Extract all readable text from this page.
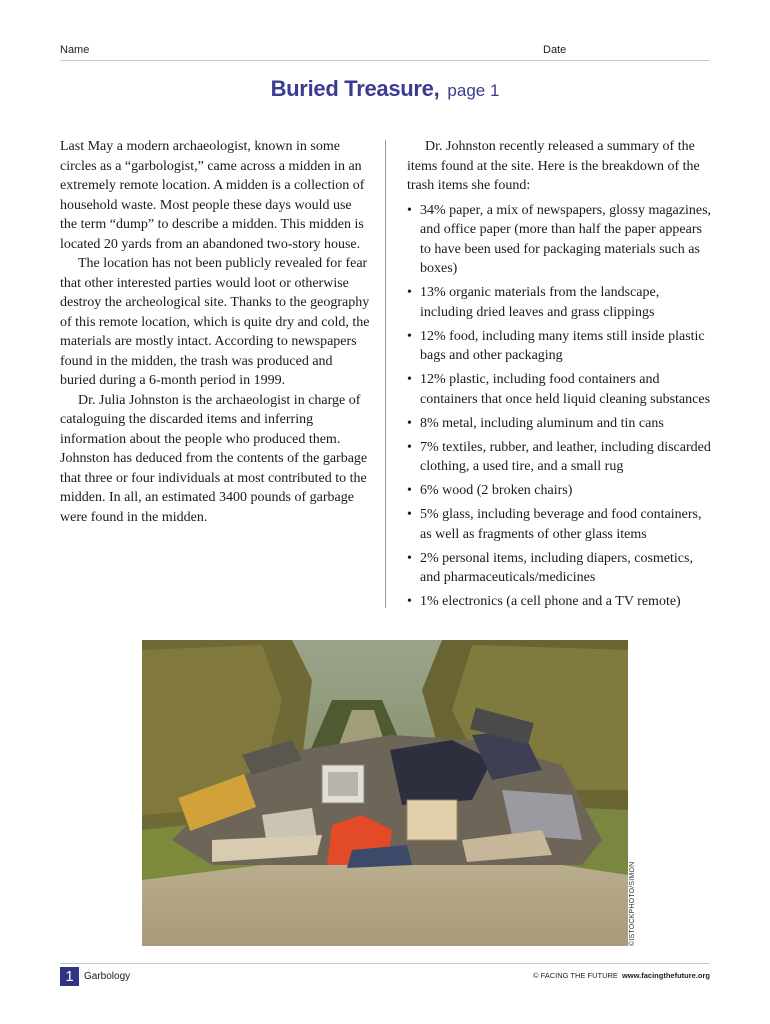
Name	Date
Buried Treasure, page 1

Last May a modern archaeologist, known in some circles as a “garbologist,” came across a midden in an extremely remote location. A midden is a collection of household waste. Most people these days would use the term “dump” to describe a midden. This midden is located 20 yards from an abandoned two-story house.

The location has not been publicly revealed for fear that other interested parties would loot or otherwise destroy the archeological site. Thanks to the geography of this remote location, which is quite dry and cold, the materials are mostly intact. According to newspapers found in the midden, the trash was produced and buried during a 6-month period in 1999.

Dr. Julia Johnston is the archaeologist in charge of cataloguing the discarded items and inferring information about the people who produced them. Johnston has deduced from the contents of the garbage that three or four individuals at most contributed to the midden. In all, an estimated 3400 pounds of garbage were found in the midden.

Dr. Johnston recently released a summary of the items found at the site. Here is the breakdown of the trash items she found:

• 34% paper, a mix of newspapers, glossy magazines, and office paper (more than half the paper appears to have been used for packaging materials such as boxes)
• 13% organic materials from the landscape, including dried leaves and grass clippings
• 12% food, including many items still inside plastic bags and other packaging
• 12% plastic, including food containers and containers that once held liquid cleaning substances
• 8% metal, including aluminum and tin cans
• 7% textiles, rubber, and leather, including discarded clothing, a used tire, and a small rug
• 6% wood (2 broken chairs)
• 5% glass, including beverage and food containers, as well as fragments of other glass items
• 2% personal items, including diapers, cosmetics, and pharmaceuticals/medicines
• 1% electronics (a cell phone and a TV remote)
©ISTOCKPHOTO/SIMON
1	Garbology	© FACING THE FUTURE www.facingthefuture.org
